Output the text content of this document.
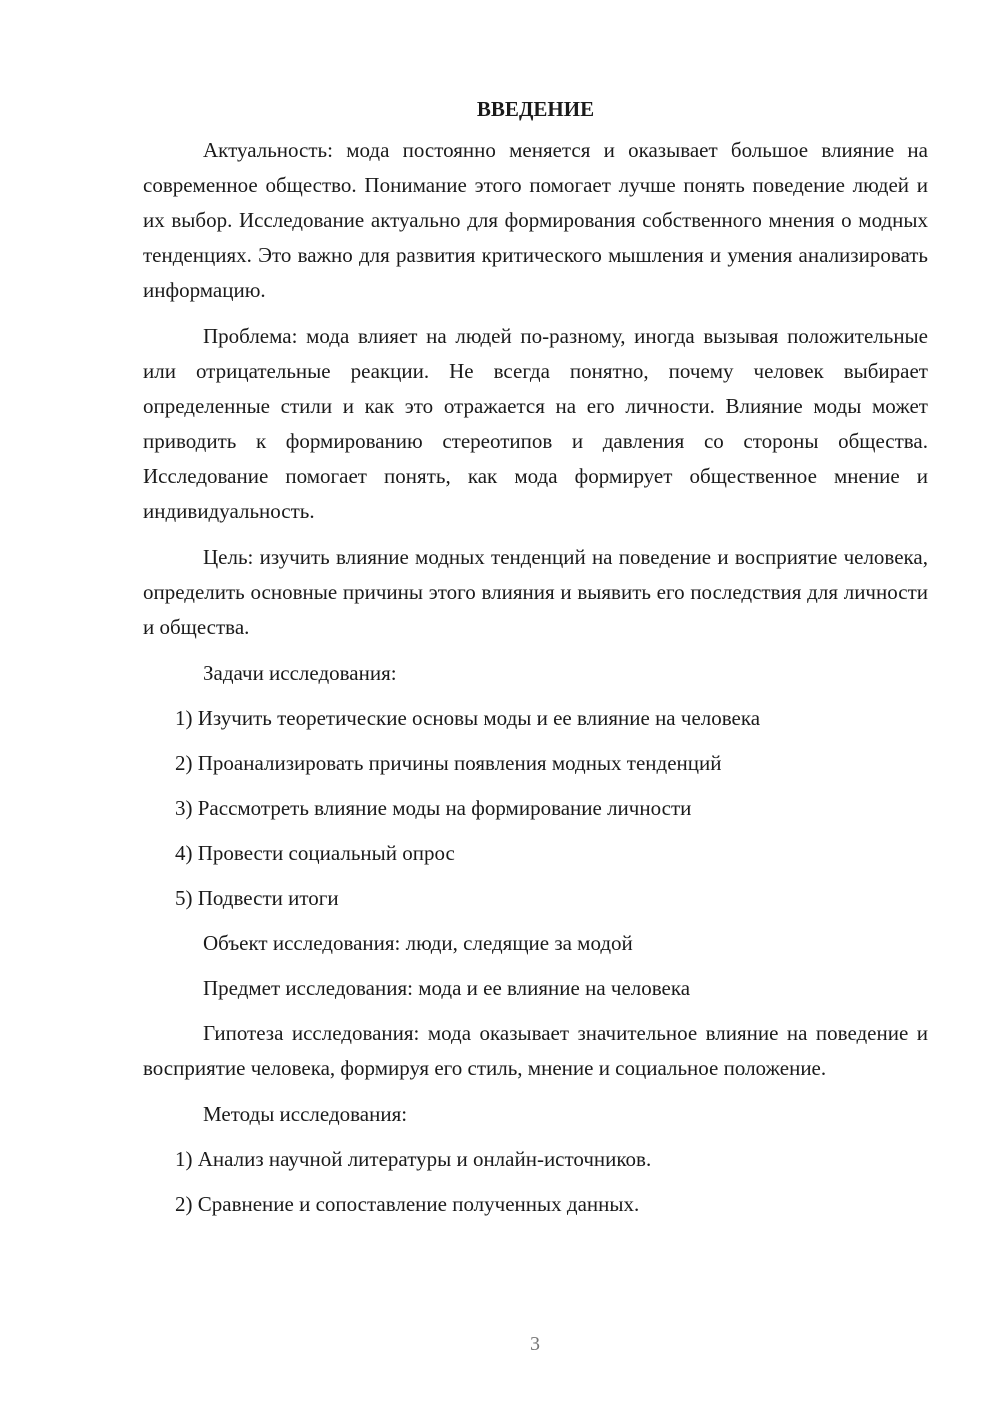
ВВЕДЕНИЕ

Актуальность: мода постоянно меняется и оказывает большое влияние на современное общество. Понимание этого помогает лучше понять поведение людей и их выбор. Исследование актуально для формирования собственного мнения о модных тенденциях. Это важно для развития критического мышления и умения анализировать информацию.

Проблема: мода влияет на людей по-разному, иногда вызывая положительные или отрицательные реакции. Не всегда понятно, почему человек выбирает определенные стили и как это отражается на его личности. Влияние моды может приводить к формированию стереотипов и давления со стороны общества. Исследование помогает понять, как мода формирует общественное мнение и индивидуальность.

Цель: изучить влияние модных тенденций на поведение и восприятие человека, определить основные причины этого влияния и выявить его последствия для личности и общества.

Задачи исследования:
1) Изучить теоретические основы моды и ее влияние на человека
2) Проанализировать причины появления модных тенденций
3) Рассмотреть влияние моды на формирование личности
4) Провести социальный опрос
5) Подвести итоги
Объект исследования: люди, следящие за модой
Предмет исследования: мода и ее влияние на человека

Гипотеза исследования: мода оказывает значительное влияние на поведение и восприятие человека, формируя его стиль, мнение и социальное положение.

Методы исследования:
1) Анализ научной литературы и онлайн-источников.
2) Сравнение и сопоставление полученных данных.
3
